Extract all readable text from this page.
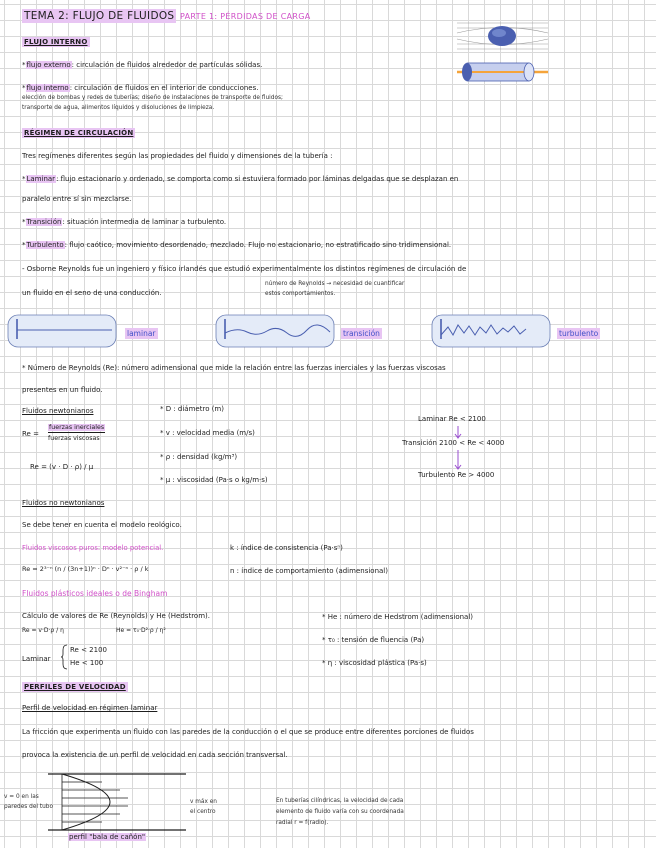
TEMA 2: FLUJO DE FLUIDOS PARTE 1: PÉRDIDAS DE CARGA
FLUJO INTERNO
*flujo externo: circulación de fluidos alrededor de partículas sólidas.
*flujo interno: circulación de fluidos en el interior de conducciones.
elección de bombas y redes de tuberías; diseño de instalaciones de transporte de fluidos;
transporte de agua, alimentos líquidos y disoluciones de limpieza.
RÉGIMEN DE CIRCULACIÓN
Tres regímenes diferentes según las propiedades del fluido y dimensiones de la tubería :
*Laminar: flujo estacionario y ordenado, se comporta como si estuviera formado por láminas delgadas que se desplazan en
paralelo entre sí sin mezclarse.
*Transición: situación intermedia de laminar a turbulento.
*Turbulento: flujo caótico, movimiento desordenado, mezclado. Flujo no estacionario, no estratificado sino tridimensional.
- Osborne Reynolds fue un ingeniero y físico irlandés que estudió experimentalmente los distintos regímenes de circulación de
un fluido en el seno de una conducción.
número de Reynolds → necesidad de cuantificar
estos comportamientos.
laminar	transición	turbulento
* Número de Reynolds (Re): número adimensional que mide la relación entre las fuerzas inerciales y las fuerzas viscosas
presentes en un fluido.
Fluidos newtonianos
Re =
fuerzas inerciales
fuerzas viscosas
Re = (v · D · ρ) / μ
* D : diámetro (m)
* v : velocidad media (m/s)
* ρ : densidad (kg/m³)
* μ : viscosidad (Pa·s o kg/m·s)
Laminar Re < 2100
Transición 2100 < Re < 4000
Turbulento Re > 4000
Fluidos no newtonianos
Se debe tener en cuenta el modelo reológico.
Fluidos viscosos puros: modelo potencial.
Re = 2³⁻ⁿ (n / (3n+1))ⁿ · Dⁿ · v²⁻ⁿ · ρ / k
k : índice de consistencia (Pa·sⁿ)
n : índice de comportamiento (adimensional)
Fluidos plásticos ideales o de Bingham
Cálculo de valores de Re (Reynolds) y He (Hedstrom).
Re = v·D·ρ / η	He = τ₀·D²·ρ / η²
Laminar
Re < 2100
He < 100
* He : número de Hedstrom (adimensional)
* τ₀ : tensión de fluencia (Pa)
* η : viscosidad plástica (Pa·s)
PERFILES DE VELOCIDAD
Perfil de velocidad en régimen laminar
La fricción que experimenta un fluido con las paredes de la conducción o el que se produce entre diferentes porciones de fluidos
provoca la existencia de un perfil de velocidad en cada sección transversal.
v = 0 en las
paredes del tubo
v máx en
el centro
perfil "bala de cañón"
En tuberías cilíndricas, la velocidad de cada
elemento de fluido varía con su coordenada
radial r = f(radio).
